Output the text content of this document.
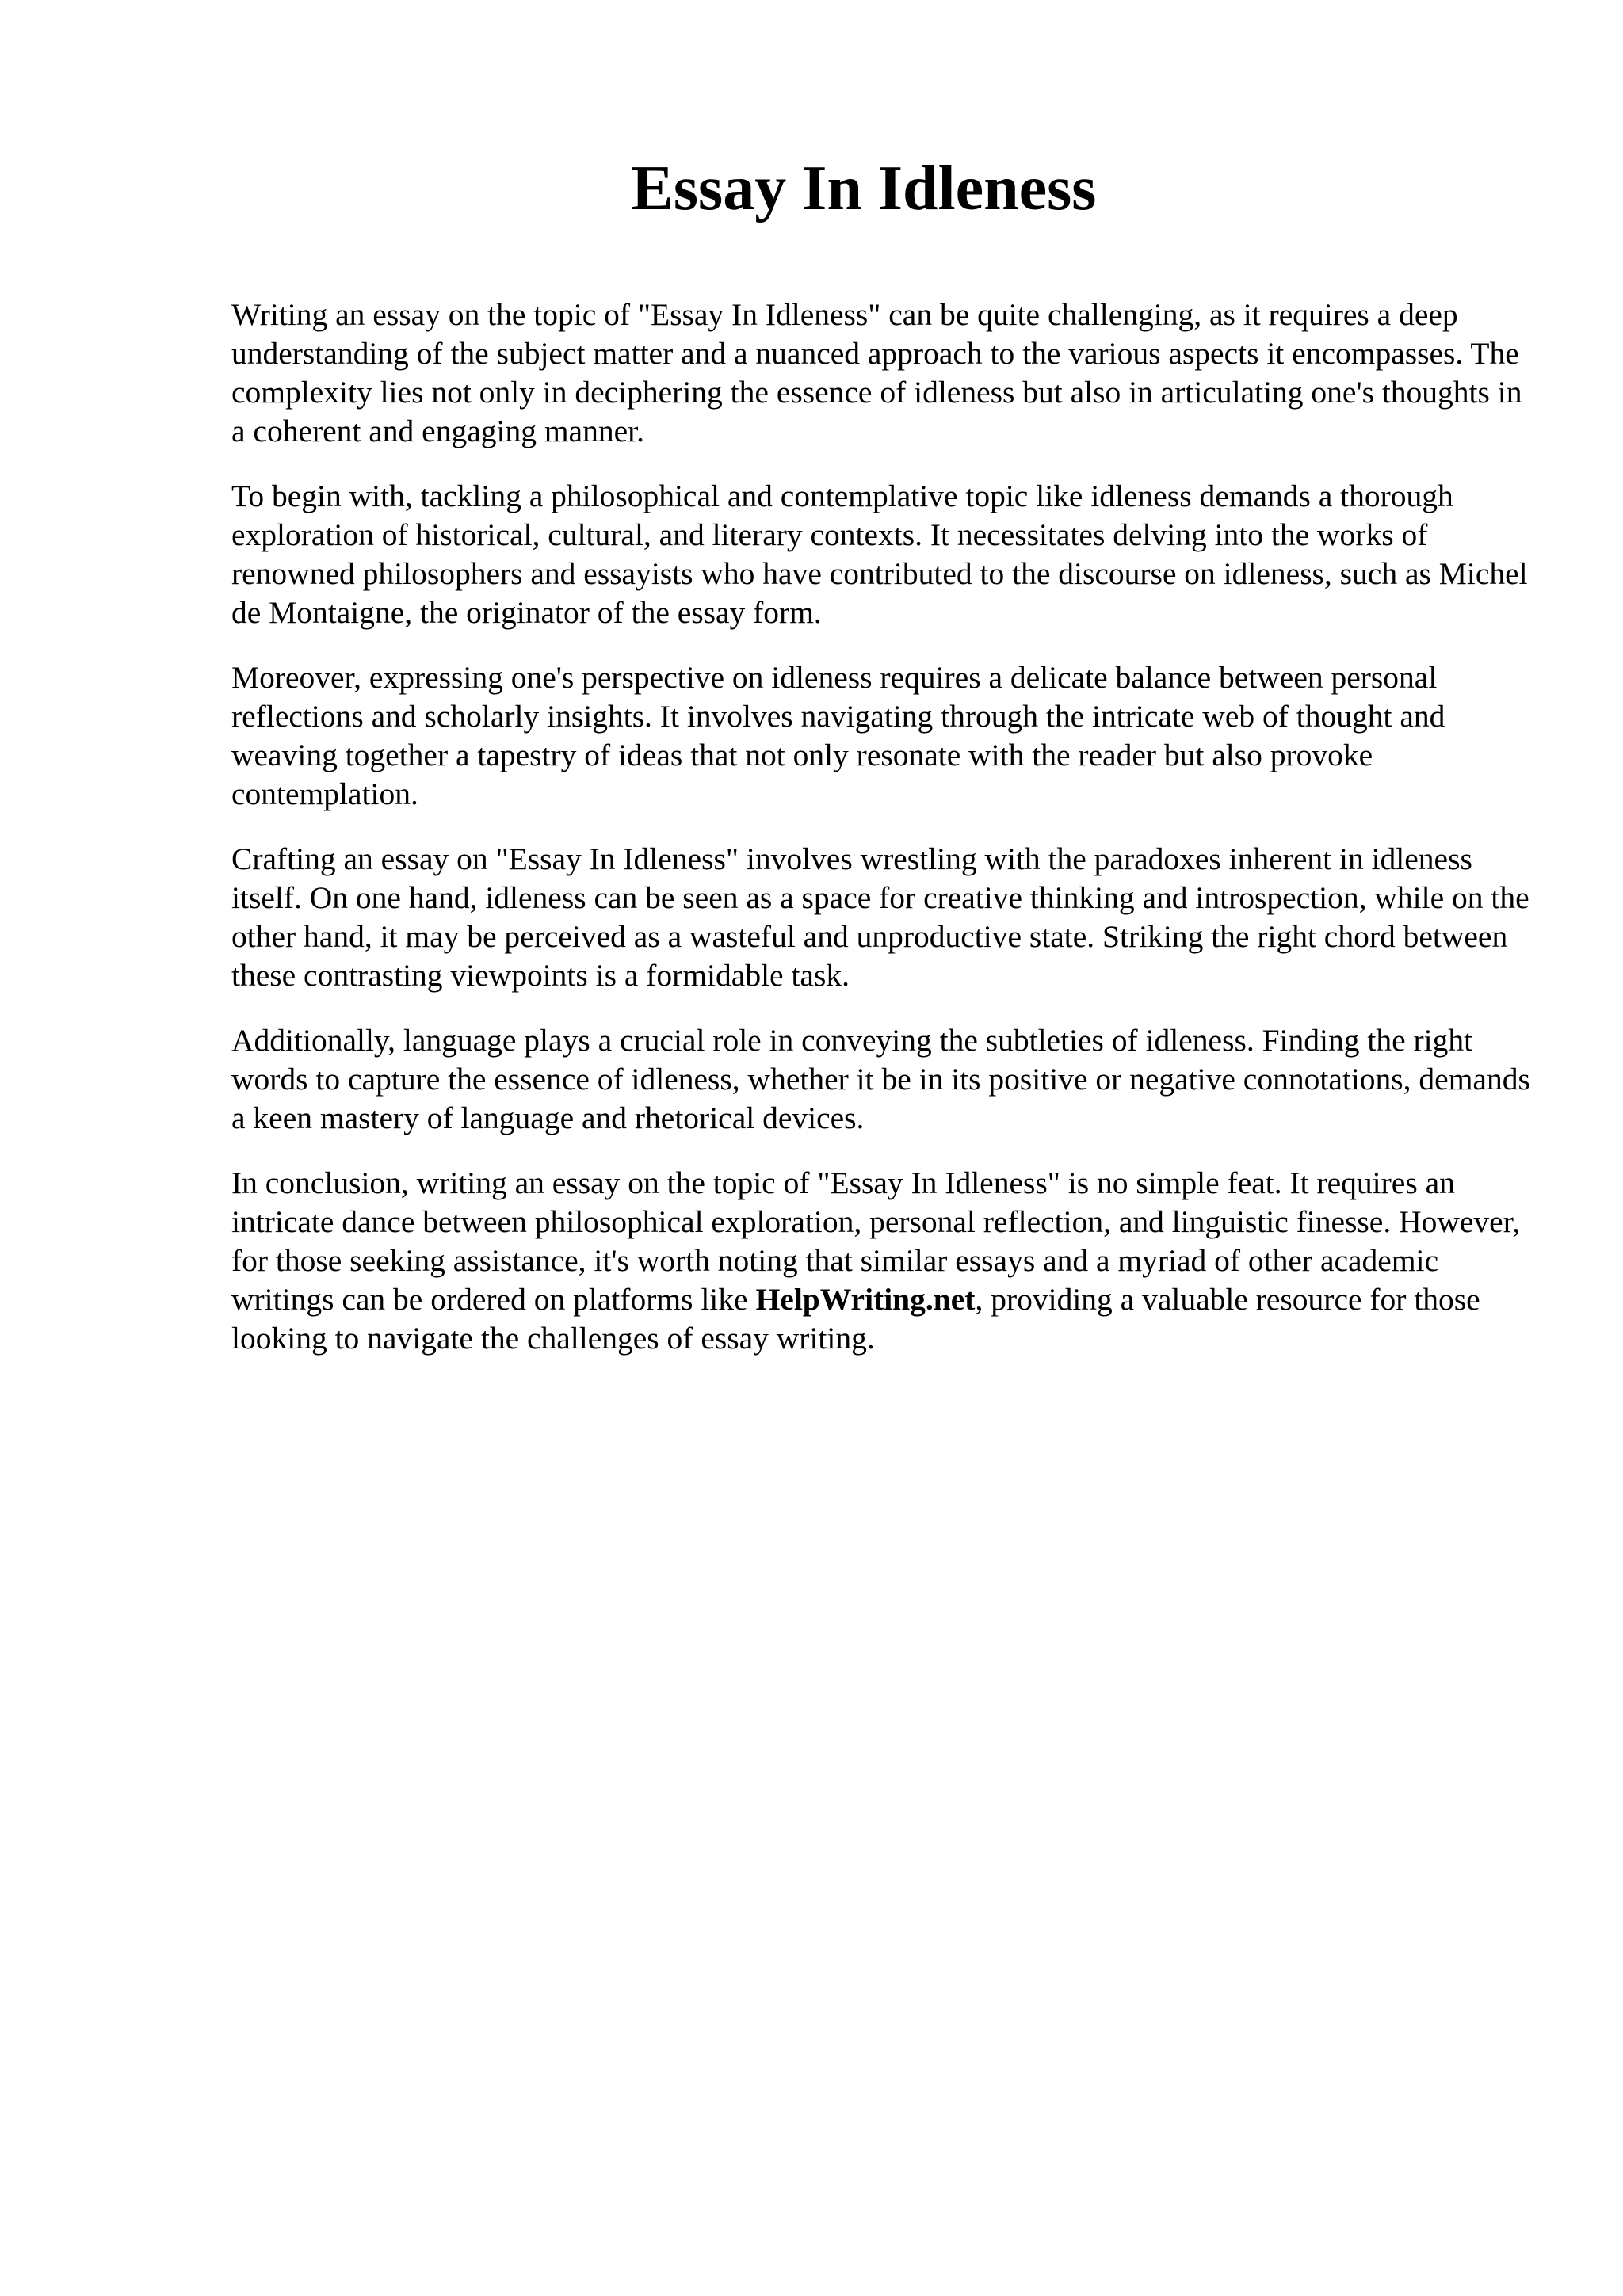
Essay In Idleness

Writing an essay on the topic of "Essay In Idleness" can be quite challenging, as it requires a deep understanding of the subject matter and a nuanced approach to the various aspects it encompasses. The complexity lies not only in deciphering the essence of idleness but also in articulating one's thoughts in a coherent and engaging manner.

To begin with, tackling a philosophical and contemplative topic like idleness demands a thorough exploration of historical, cultural, and literary contexts. It necessitates delving into the works of renowned philosophers and essayists who have contributed to the discourse on idleness, such as Michel de Montaigne, the originator of the essay form.

Moreover, expressing one's perspective on idleness requires a delicate balance between personal reflections and scholarly insights. It involves navigating through the intricate web of thought and weaving together a tapestry of ideas that not only resonate with the reader but also provoke contemplation.

Crafting an essay on "Essay In Idleness" involves wrestling with the paradoxes inherent in idleness itself. On one hand, idleness can be seen as a space for creative thinking and introspection, while on the other hand, it may be perceived as a wasteful and unproductive state. Striking the right chord between these contrasting viewpoints is a formidable task.

Additionally, language plays a crucial role in conveying the subtleties of idleness. Finding the right words to capture the essence of idleness, whether it be in its positive or negative connotations, demands a keen mastery of language and rhetorical devices.

In conclusion, writing an essay on the topic of "Essay In Idleness" is no simple feat. It requires an intricate dance between philosophical exploration, personal reflection, and linguistic finesse. However, for those seeking assistance, it's worth noting that similar essays and a myriad of other academic writings can be ordered on platforms like HelpWriting.net, providing a valuable resource for those looking to navigate the challenges of essay writing.
